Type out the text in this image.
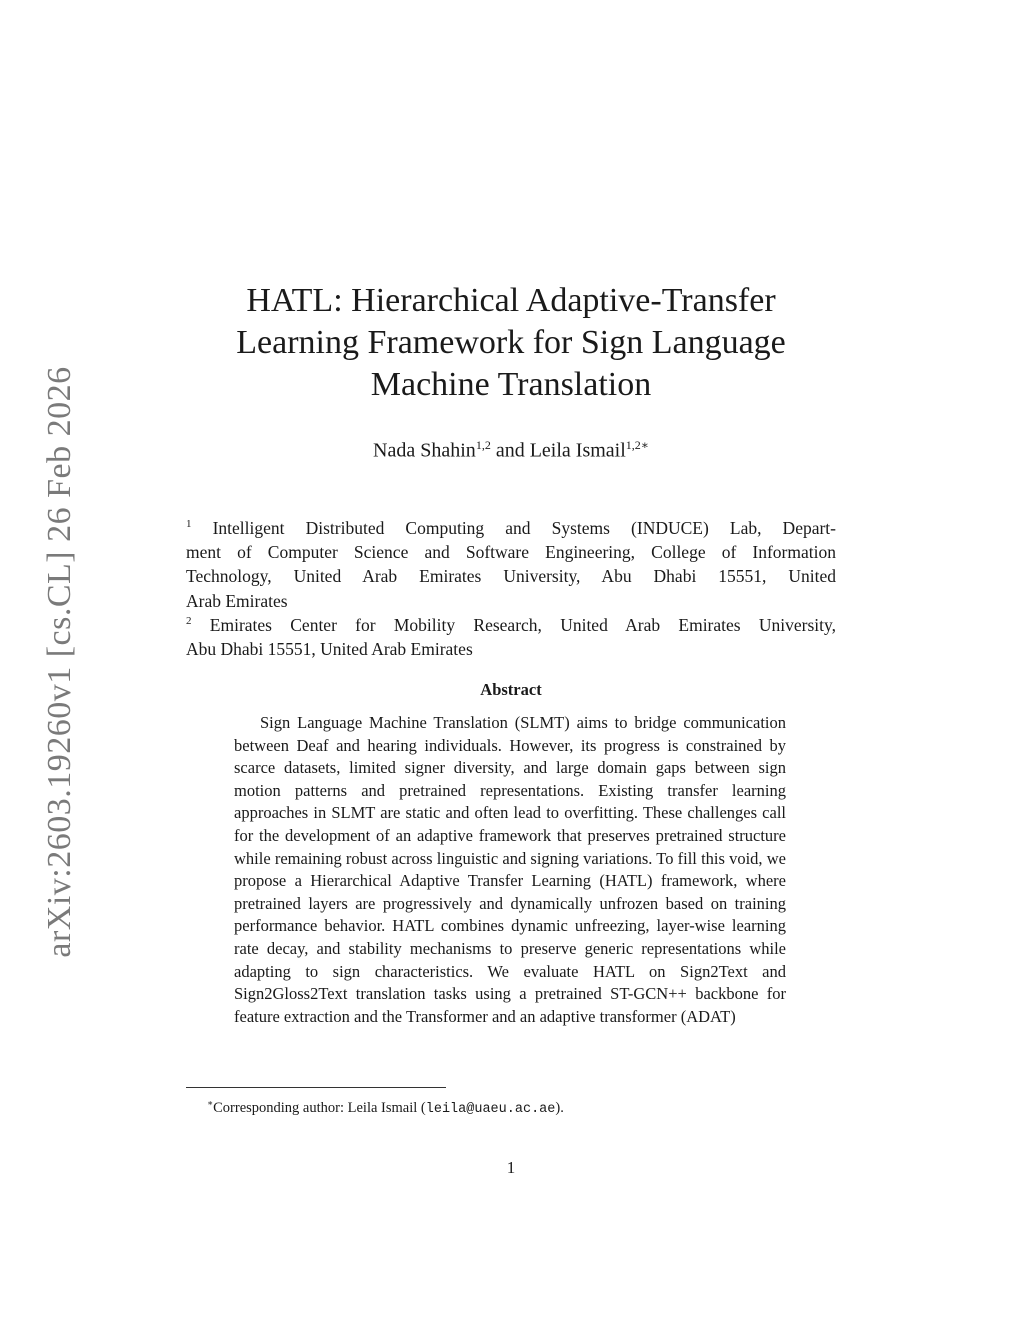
arXiv:2603.19260v1 [cs.CL] 26 Feb 2026
HATL: Hierarchical Adaptive-Transfer
Learning Framework for Sign Language
Machine Translation
Nada Shahin$^{1,2}$ and Leila Ismail$^{1,2∗}$
$^1$ Intelligent Distributed Computing and Systems (INDUCE) Lab, Depart-
ment of Computer Science and Software Engineering, College of Information
Technology, United Arab Emirates University, Abu Dhabi 15551, United
Arab Emirates
$^2$ Emirates Center for Mobility Research, United Arab Emirates University,
Abu Dhabi 15551, United Arab Emirates
Abstract

Sign Language Machine Translation (SLMT) aims to bridge communication between Deaf and hearing individuals. However, its progress is constrained by scarce datasets, limited signer diversity, and large domain gaps between sign motion patterns and pretrained representations. Existing transfer learning approaches in SLMT are static and often lead to overfitting. These challenges call for the development of an adaptive framework that preserves pretrained structure while remaining robust across linguistic and signing variations. To fill this void, we propose a Hierarchical Adaptive Transfer Learning (HATL) framework, where pretrained layers are progressively and dynamically unfrozen based on training performance behavior. HATL combines dynamic unfreezing, layer-wise learning rate decay, and stability mechanisms to preserve generic representations while adapting to sign characteristics. We evaluate HATL on Sign2Text and Sign2Gloss2Text translation tasks using a pretrained ST-GCN++ backbone for feature extraction and the Transformer and an adaptive transformer (ADAT)

∗Corresponding author: Leila Ismail (leila@uaeu.ac.ae).
1
